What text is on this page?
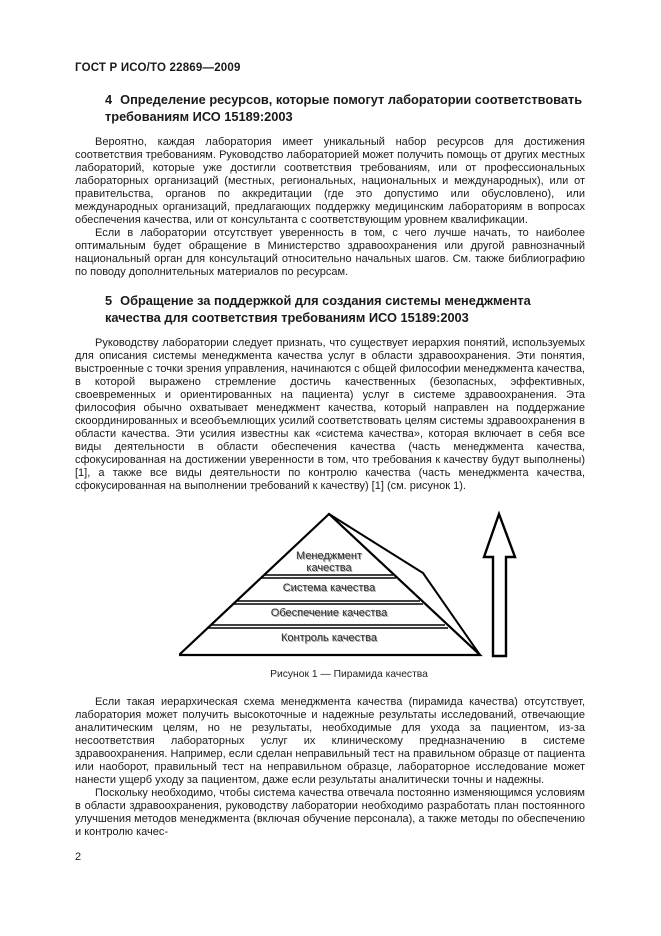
ГОСТ Р ИСО/ТО 22869—2009
4 Определение ресурсов, которые помогут лаборатории соответствовать требованиям ИСО 15189:2003

Вероятно, каждая лаборатория имеет уникальный набор ресурсов для достижения соответствия требованиям. Руководство лабораторией может получить помощь от других местных лабораторий, которые уже достигли соответствия требованиям, или от профессиональных лабораторных организаций (местных, региональных, национальных и международных), или от правительства, органов по аккредитации (где это допустимо или обусловлено), или международных организаций, предлагающих поддержку медицинским лабораториям в вопросах обеспечения качества, или от консультанта с соответствующим уровнем квалификации.

Если в лаборатории отсутствует уверенность в том, с чего лучше начать, то наиболее оптимальным будет обращение в Министерство здравоохранения или другой равнозначный национальный орган для консультаций относительно начальных шагов. См. также библиографию по поводу дополнительных материалов по ресурсам.

5 Обращение за поддержкой для создания системы менеджмента качества для соответствия требованиям ИСО 15189:2003

Руководству лаборатории следует признать, что существует иерархия понятий, используемых для описания системы менеджмента качества услуг в области здравоохранения. Эти понятия, выстроенные с точки зрения управления, начинаются с общей философии менеджмента качества, в которой выражено стремление достичь качественных (безопасных, эффективных, своевременных и ориентированных на пациента) услуг в системе здравоохранения. Эта философия обычно охватывает менеджмент качества, который направлен на поддержание скоординированных и всеобъемлющих усилий соответствовать целям системы здравоохранения в области качества. Эти усилия известны как «система качества», которая включает в себя все виды деятельности в области обеспечения качества (часть менеджмента качества, сфокусированная на достижении уверенности в том, что требования к качеству будут выполнены) [1], а также все виды деятельности по контролю качества (часть менеджмента качества, сфокусированная на выполнении требований к качеству) [1] (см. рисунок 1).

Менеджмент качества
Система качества
Обеспечение качества
Контроль качества
Рисунок 1 — Пирамида качества

Если такая иерархическая схема менеджмента качества (пирамида качества) отсутствует, лаборатория может получить высокоточные и надежные результаты исследований, отвечающие аналитическим целям, но не результаты, необходимые для ухода за пациентом, из-за несоответствия лабораторных услуг их клиническому предназначению в системе здравоохранения. Например, если сделан неправильный тест на правильном образце от пациента или наоборот, правильный тест на неправильном образце, лабораторное исследование может нанести ущерб уходу за пациентом, даже если результаты аналитически точны и надежны.

Поскольку необходимо, чтобы система качества отвечала постоянно изменяющимся условиям в области здравоохранения, руководству лаборатории необходимо разработать план постоянного улучшения методов менеджмента (включая обучение персонала), а также методы по обеспечению и контролю качес-

2
